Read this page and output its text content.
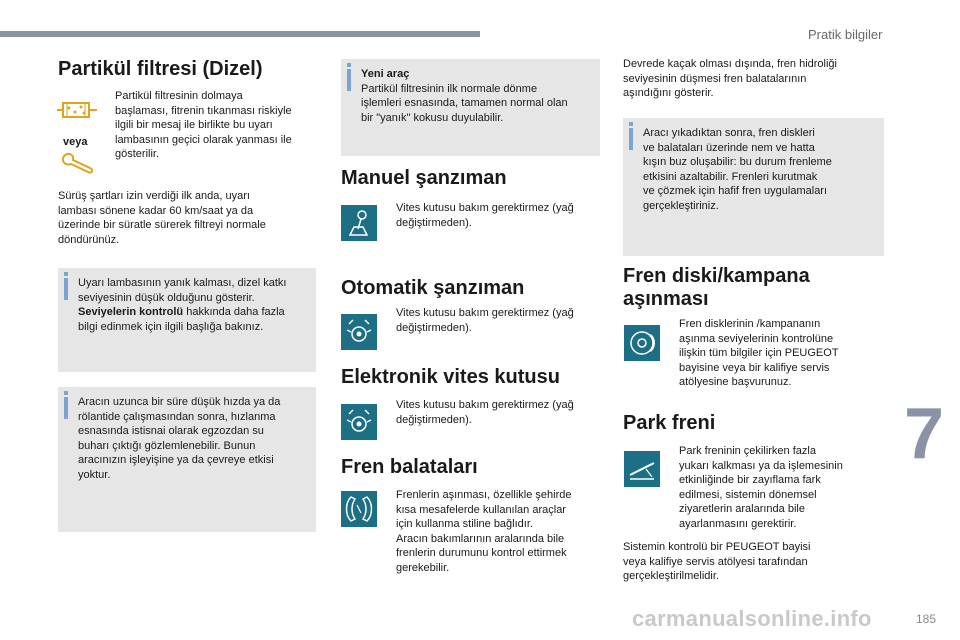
Pratik bilgiler
Partikül filtresi (Dizel)
veya
Partikül filtresinin dolmaya
başlaması, fitrenin tıkanması riskiyle
ilgili bir mesaj ile birlikte bu uyarı
lambasının geçici olarak yanması ile
gösterilir.
Sürüş şartları izin verdiği ilk anda, uyarı
lambası sönene kadar 60 km/saat ya da
üzerinde bir süratle sürerek filtreyi normale
döndürünüz.
Uyarı lambasının yanık kalması, dizel katkı
seviyesinin düşük olduğunu gösterir.
Seviyelerin kontrolü hakkında daha fazla
bilgi edinmek için ilgili başlığa bakınız.
Aracın uzunca bir süre düşük hızda ya da
rölantide çalışmasından sonra, hızlanma
esnasında istisnai olarak egzozdan su
buharı çıktığı gözlemlenebilir. Bunun
aracınızın işleyişine ya da çevreye etkisi
yoktur.
Yeni araç
Partikül filtresinin ilk normale dönme
işlemleri esnasında, tamamen normal olan
bir "yanık" kokusu duyulabilir.
Manuel şanzıman
Vites kutusu bakım gerektirmez (yağ
değiştirmeden).
Otomatik şanzıman
Vites kutusu bakım gerektirmez (yağ
değiştirmeden).
Elektronik vites kutusu
Vites kutusu bakım gerektirmez (yağ
değiştirmeden).
Fren balataları
Frenlerin aşınması, özellikle şehirde
kısa mesafelerde kullanılan araçlar
için kullanma stiline bağlıdır.
Aracın bakımlarının aralarında bile
frenlerin durumunu kontrol ettirmek
gerekebilir.
Devrede kaçak olması dışında, fren hidroliği
seviyesinin düşmesi fren balatalarının
aşındığını gösterir.
Aracı yıkadıktan sonra, fren diskleri
ve balataları üzerinde nem ve hatta
kışın buz oluşabilir: bu durum frenleme
etkisini azaltabilir. Frenleri kurutmak
ve çözmek için hafif fren uygulamaları
gerçekleştiriniz.
Fren diski/kampana
aşınması
Fren disklerinin /kampananın
aşınma seviyelerinin kontrolüne
ilişkin tüm bilgiler için PEUGEOT
bayisine veya bir kalifiye servis
atölyesine başvurunuz.
Park freni
Park freninin çekilirken fazla
yukarı kalkması ya da işlemesinin
etkinliğinde bir zayıflama fark
edilmesi, sistemin dönemsel
ziyaretlerin aralarında bile
ayarlanmasını gerektirir.
Sistemin kontrolü bir PEUGEOT bayisi
veya kalifiye servis atölyesi tarafından
gerçekleştirilmelidir.
7
carmanualsonline.info	185
